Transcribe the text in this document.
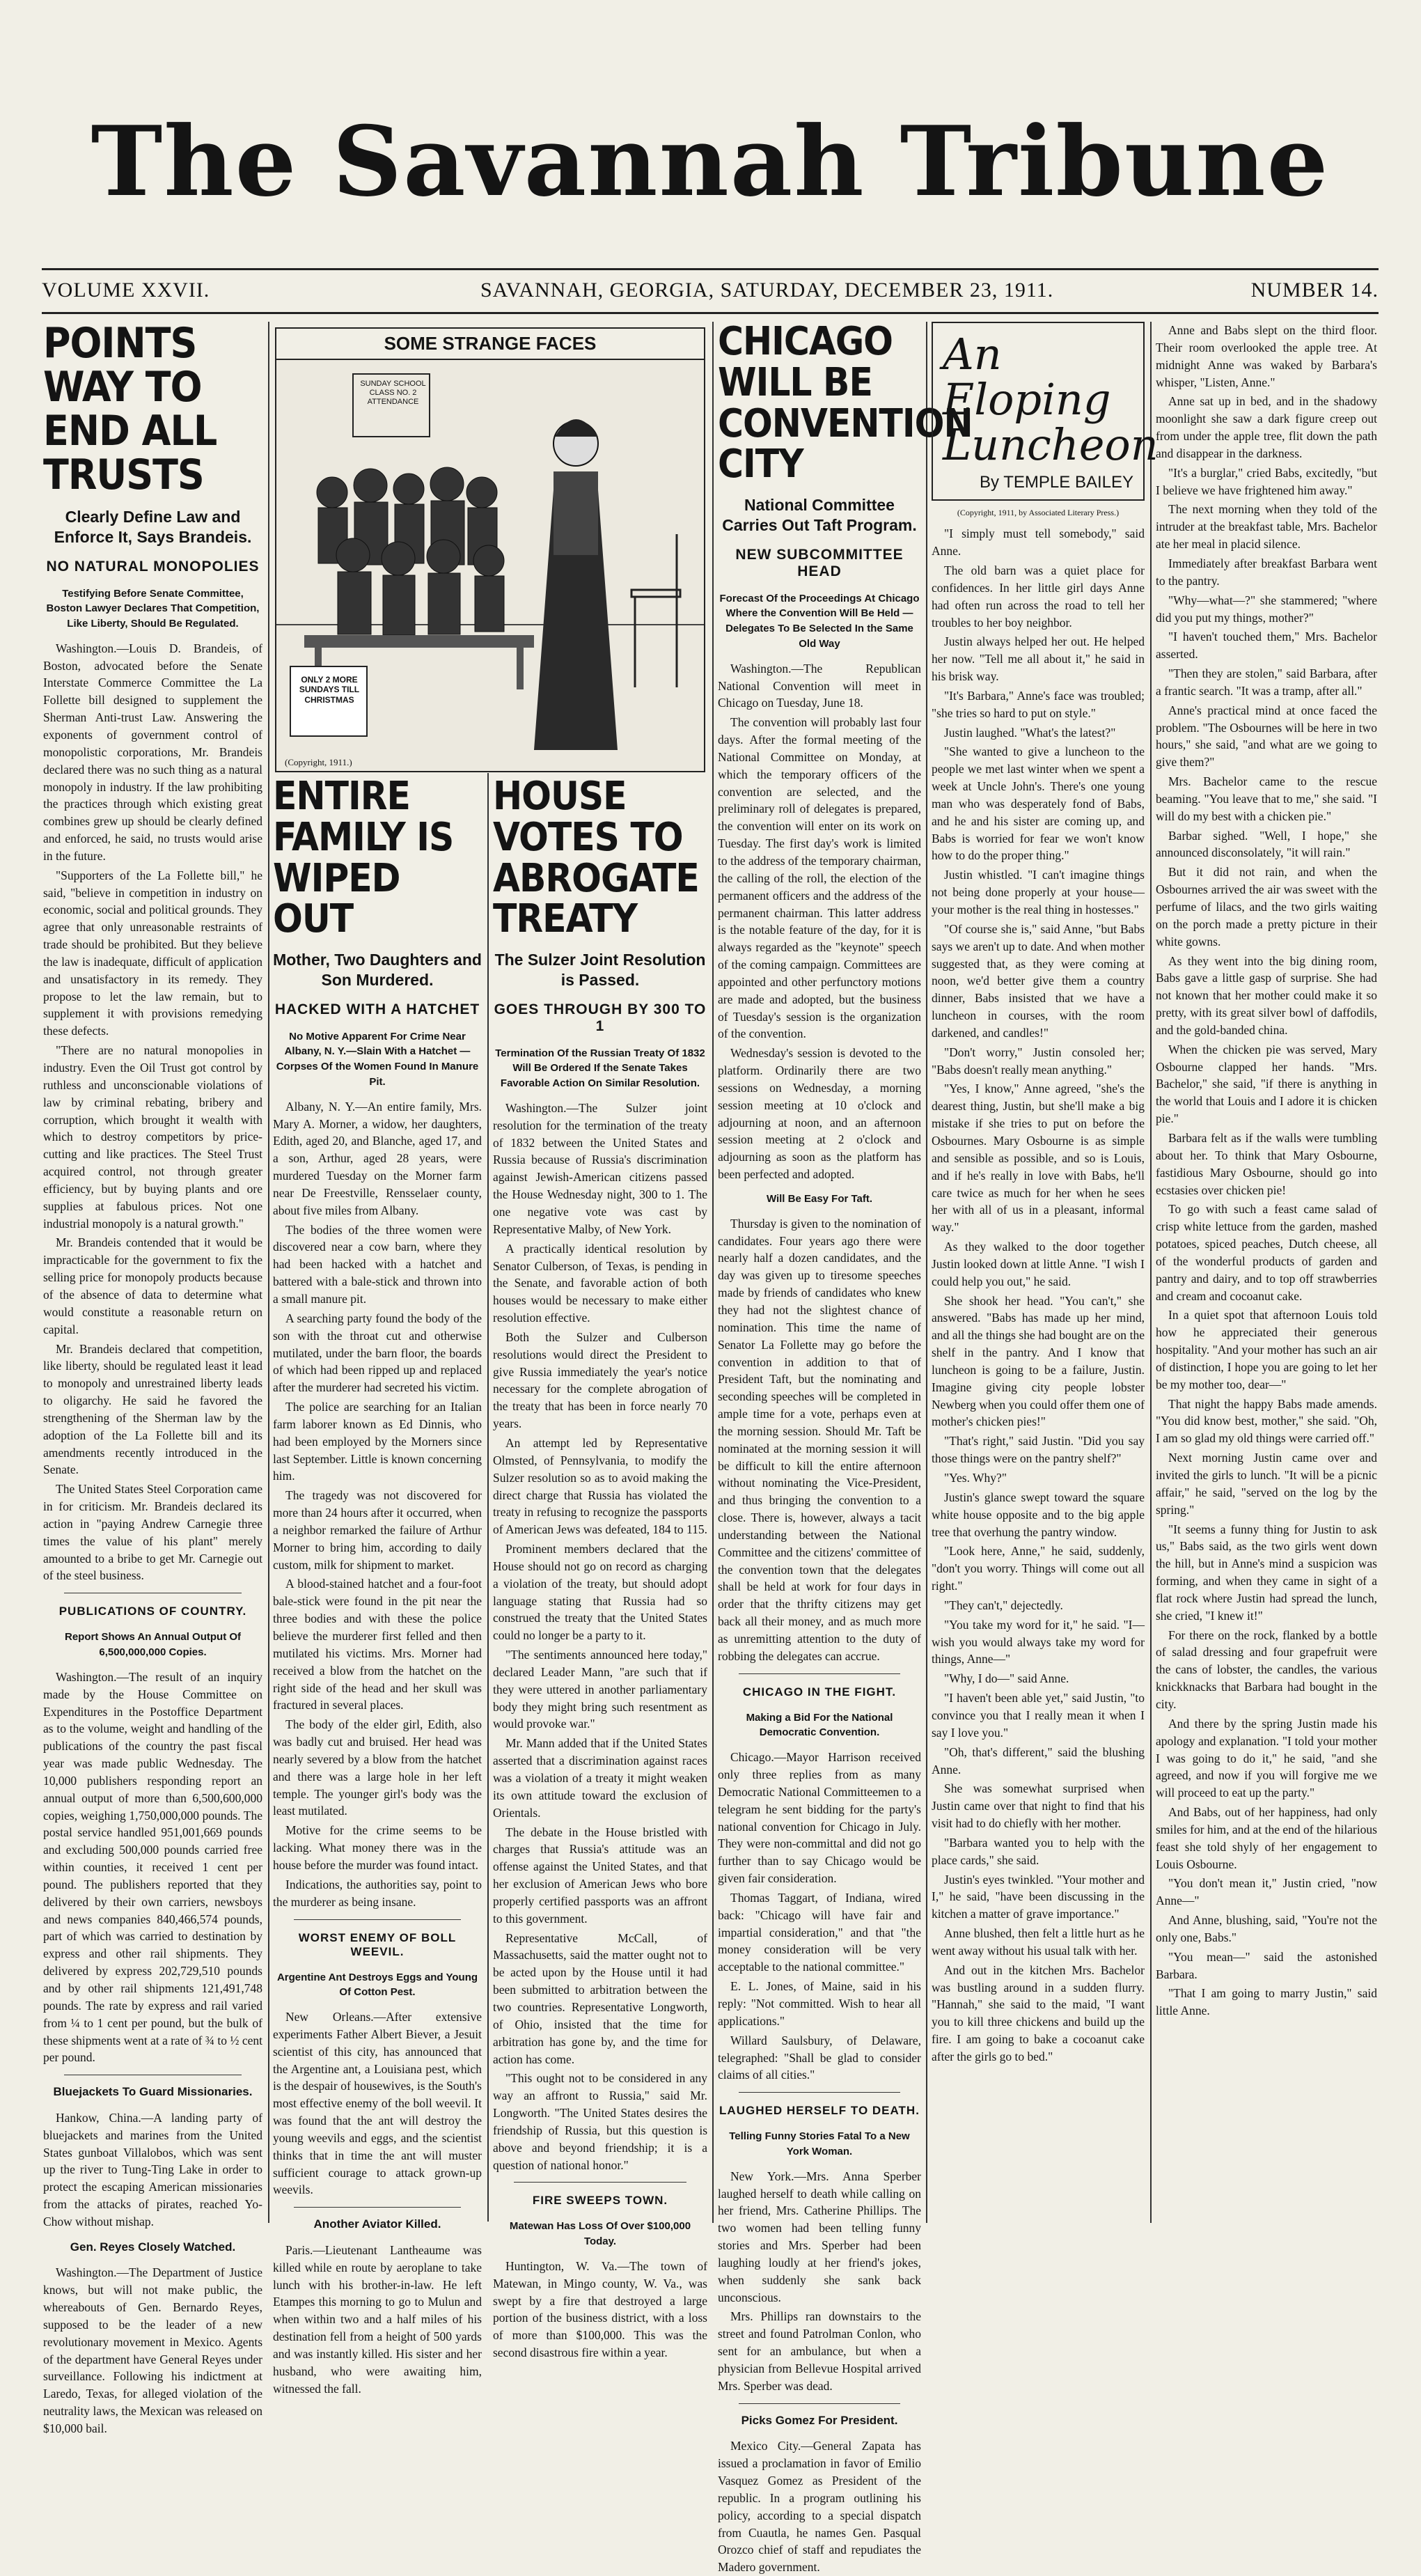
The Savannah Tribune
VOLUME XXVII.	SAVANNAH, GEORGIA, SATURDAY, DECEMBER 23, 1911.	NUMBER 14.
POINTS WAY TO END ALL TRUSTS
Clearly Define Law and Enforce It, Says Brandeis.
NO NATURAL MONOPOLIES
Testifying Before Senate Committee, Boston Lawyer Declares That Competition, Like Liberty, Should Be Regulated.

Washington.—Louis D. Brandeis, of Boston, advocated before the Senate Interstate Commerce Committee the La Follette bill designed to supplement the Sherman Anti-trust Law. Answering the exponents of government control of monopolistic corporations, Mr. Brandeis declared there was no such thing as a natural monopoly in industry. If the law prohibiting the practices through which existing great combines grew up should be clearly defined and enforced, he said, no trusts would arise in the future.

"Supporters of the La Follette bill," he said, "believe in competition in industry on economic, social and political grounds. They agree that only unreasonable restraints of trade should be prohibited. But they believe the law is inadequate, difficult of application and unsatisfactory in its remedy. They propose to let the law remain, but to supplement it with provisions remedying these defects.

"There are no natural monopolies in industry. Even the Oil Trust got control by ruthless and unconscionable violations of law by criminal rebating, bribery and corruption, which brought it wealth with which to destroy competitors by price-cutting and like practices. The Steel Trust acquired control, not through greater efficiency, but by buying plants and ore supplies at fabulous prices. Not one industrial monopoly is a natural growth."

Mr. Brandeis contended that it would be impracticable for the government to fix the selling price for monopoly products because of the absence of data to determine what would constitute a reasonable return on capital.

Mr. Brandeis declared that competition, like liberty, should be regulated least it lead to monopoly and unrestrained liberty leads to oligarchy. He said he favored the strengthening of the Sherman law by the adoption of the La Follette bill and its amendments recently introduced in the Senate.

The United States Steel Corporation came in for criticism. Mr. Brandeis declared its action in "paying Andrew Carnegie three times the value of his plant" merely amounted to a bribe to get Mr. Carnegie out of the steel business.

PUBLICATIONS OF COUNTRY.
Report Shows An Annual Output Of 6,500,000,000 Copies.

Washington.—The result of an inquiry made by the House Committee on Expenditures in the Postoffice Department as to the volume, weight and handling of the publications of the country the past fiscal year was made public Wednesday. The 10,000 publishers responding report an annual output of more than 6,500,600,000 copies, weighing 1,750,000,000 pounds. The postal service handled 951,001,669 pounds and excluding 500,000 pounds carried free within counties, it received 1 cent per pound. The publishers reported that they delivered by their own carriers, newsboys and news companies 840,466,574 pounds, part of which was carried to destination by express and other rail shipments. They delivered by express 202,729,510 pounds and by other rail shipments 121,491,748 pounds. The rate by express and rail varied from ¼ to 1 cent per pound, but the bulk of these shipments went at a rate of ¾ to ½ cent per pound.

Bluejackets To Guard Missionaries.

Hankow, China.—A landing party of bluejackets and marines from the United States gunboat Villalobos, which was sent up the river to Tung-Ting Lake in order to protect the escaping American missionaries from the attacks of pirates, reached Yo-Chow without mishap.

Gen. Reyes Closely Watched.

Washington.—The Department of Justice knows, but will not make public, the whereabouts of Gen. Bernardo Reyes, supposed to be the leader of a new revolutionary movement in Mexico. Agents of the department have General Reyes under surveillance. Following his indictment at Laredo, Texas, for alleged violation of the neutrality laws, the Mexican was released on $10,000 bail.

SOME STRANGE FACES
SUNDAY SCHOOL CLASS NO. 2 ATTENDANCE
ONLY 2 MORE SUNDAYS TILL CHRISTMAS
(Copyright, 1911.)
ENTIRE FAMILY IS WIPED OUT
Mother, Two Daughters and Son Murdered.
HACKED WITH A HATCHET
No Motive Apparent For Crime Near Albany, N. Y.—Slain With a Hatchet — Corpses Of the Women Found In Manure Pit.

Albany, N. Y.—An entire family, Mrs. Mary A. Morner, a widow, her daughters, Edith, aged 20, and Blanche, aged 17, and a son, Arthur, aged 28 years, were murdered Tuesday on the Morner farm near De Freestville, Rensselaer county, about five miles from Albany.

The bodies of the three women were discovered near a cow barn, where they had been hacked with a hatchet and battered with a bale-stick and thrown into a small manure pit.

A searching party found the body of the son with the throat cut and otherwise mutilated, under the barn floor, the boards of which had been ripped up and replaced after the murderer had secreted his victim.

The police are searching for an Italian farm laborer known as Ed Dinnis, who had been employed by the Morners since last September. Little is known concerning him.

The tragedy was not discovered for more than 24 hours after it occurred, when a neighbor remarked the failure of Arthur Morner to bring him, according to daily custom, milk for shipment to market.

A blood-stained hatchet and a four-foot bale-stick were found in the pit near the three bodies and with these the police believe the murderer first felled and then mutilated his victims. Mrs. Morner had received a blow from the hatchet on the right side of the head and her skull was fractured in several places.

The body of the elder girl, Edith, also was badly cut and bruised. Her head was nearly severed by a blow from the hatchet and there was a large hole in her left temple. The younger girl's body was the least mutilated.

Motive for the crime seems to be lacking. What money there was in the house before the murder was found intact.

Indications, the authorities say, point to the murderer as being insane.

WORST ENEMY OF BOLL WEEVIL.
Argentine Ant Destroys Eggs and Young Of Cotton Pest.

New Orleans.—After extensive experiments Father Albert Biever, a Jesuit scientist of this city, has announced that the Argentine ant, a Louisiana pest, which is the despair of housewives, is the South's most effective enemy of the boll weevil. It was found that the ant will destroy the young weevils and eggs, and the scientist thinks that in time the ant will muster sufficient courage to attack grown-up weevils.

Another Aviator Killed.

Paris.—Lieutenant Lantheaume was killed while en route by aeroplane to take lunch with his brother-in-law. He left Etampes this morning to go to Mulun and when within two and a half miles of his destination fell from a height of 500 yards and was instantly killed. His sister and her husband, who were awaiting him, witnessed the fall.

HOUSE VOTES TO ABROGATE TREATY
The Sulzer Joint Resolution is Passed.
GOES THROUGH BY 300 TO 1
Termination Of the Russian Treaty Of 1832 Will Be Ordered If the Senate Takes Favorable Action On Similar Resolution.

Washington.—The Sulzer joint resolution for the termination of the treaty of 1832 between the United States and Russia because of Russia's discrimination against Jewish-American citizens passed the House Wednesday night, 300 to 1. The one negative vote was cast by Representative Malby, of New York.

A practically identical resolution by Senator Culberson, of Texas, is pending in the Senate, and favorable action of both houses would be necessary to make either resolution effective.

Both the Sulzer and Culberson resolutions would direct the President to give Russia immediately the year's notice necessary for the complete abrogation of the treaty that has been in force nearly 70 years.

An attempt led by Representative Olmsted, of Pennsylvania, to modify the Sulzer resolution so as to avoid making the direct charge that Russia has violated the treaty in refusing to recognize the passports of American Jews was defeated, 184 to 115.

Prominent members declared that the House should not go on record as charging a violation of the treaty, but should adopt language stating that Russia had so construed the treaty that the United States could no longer be a party to it.

"The sentiments announced here today," declared Leader Mann, "are such that if they were uttered in another parliamentary body they might bring such resentment as would provoke war."

Mr. Mann added that if the United States asserted that a discrimination against races was a violation of a treaty it might weaken its own attitude toward the exclusion of Orientals.

The debate in the House bristled with charges that Russia's attitude was an offense against the United States, and that her exclusion of American Jews who bore properly certified passports was an affront to this government.

Representative McCall, of Massachusetts, said the matter ought not to be acted upon by the House until it had been submitted to arbitration between the two countries. Representative Longworth, of Ohio, insisted that the time for arbitration has gone by, and the time for action has come.

"This ought not to be considered in any way an affront to Russia," said Mr. Longworth. "The United States desires the friendship of Russia, but this question is above and beyond friendship; it is a question of national honor."

FIRE SWEEPS TOWN.
Matewan Has Loss Of Over $100,000 Today.

Huntington, W. Va.—The town of Matewan, in Mingo county, W. Va., was swept by a fire that destroyed a large portion of the business district, with a loss of more than $100,000. This was the second disastrous fire within a year.

CHICAGO WILL BE CONVENTION CITY
National Committee Carries Out Taft Program.
NEW SUBCOMMITTEE HEAD
Forecast Of the Proceedings At Chicago Where the Convention Will Be Held — Delegates To Be Selected In the Same Old Way

Washington.—The Republican National Convention will meet in Chicago on Tuesday, June 18.

The convention will probably last four days. After the formal meeting of the National Committee on Monday, at which the temporary officers of the convention are selected, and the preliminary roll of delegates is prepared, the convention will enter on its work on Tuesday. The first day's work is limited to the address of the temporary chairman, the calling of the roll, the election of the permanent officers and the address of the permanent chairman. This latter address is the notable feature of the day, for it is always regarded as the "keynote" speech of the coming campaign. Committees are appointed and other perfunctory motions are made and adopted, but the business of Tuesday's session is the organization of the convention.

Wednesday's session is devoted to the platform. Ordinarily there are two sessions on Wednesday, a morning session meeting at 10 o'clock and adjourning at noon, and an afternoon session meeting at 2 o'clock and adjourning as soon as the platform has been perfected and adopted.

Will Be Easy For Taft.

Thursday is given to the nomination of candidates. Four years ago there were nearly half a dozen candidates, and the day was given up to tiresome speeches made by friends of candidates who knew they had not the slightest chance of nomination. This time the name of Senator La Follette may go before the convention in addition to that of President Taft, but the nominating and seconding speeches will be completed in ample time for a vote, perhaps even at the morning session. Should Mr. Taft be nominated at the morning session it will be difficult to kill the entire afternoon without nominating the Vice-President, and thus bringing the convention to a close. There is, however, always a tacit understanding between the National Committee and the citizens' committee of the convention town that the delegates shall be held at work for four days in order that the thrifty citizens may get back all their money, and as much more as unremitting attention to the duty of robbing the delegates can accrue.

CHICAGO IN THE FIGHT.
Making a Bid For the National Democratic Convention.

Chicago.—Mayor Harrison received only three replies from as many Democratic National Committeemen to a telegram he sent bidding for the party's national convention for Chicago in July. They were non-committal and did not go further than to say Chicago would be given fair consideration.

Thomas Taggart, of Indiana, wired back: "Chicago will have fair and impartial consideration," and that "the money consideration will be very acceptable to the national committee."

E. L. Jones, of Maine, said in his reply: "Not committed. Wish to hear all applications."

Willard Saulsbury, of Delaware, telegraphed: "Shall be glad to consider claims of all cities."

LAUGHED HERSELF TO DEATH.
Telling Funny Stories Fatal To a New York Woman.

New York.—Mrs. Anna Sperber laughed herself to death while calling on her friend, Mrs. Catherine Phillips. The two women had been telling funny stories and Mrs. Sperber had been laughing loudly at her friend's jokes, when suddenly she sank back unconscious.

Mrs. Phillips ran downstairs to the street and found Patrolman Conlon, who sent for an ambulance, but when a physician from Bellevue Hospital arrived Mrs. Sperber was dead.

Picks Gomez For President.

Mexico City.—General Zapata has issued a proclamation in favor of Emilio Vasquez Gomez as President of the republic. In a program outlining his policy, according to a special dispatch from Cuautla, he names Gen. Pasqual Orozco chief of staff and repudiates the Madero government.

An
Eloping
Luncheon
By TEMPLE BAILEY
(Copyright, 1911, by Associated Literary Press.)

"I simply must tell somebody," said Anne.

The old barn was a quiet place for confidences. In her little girl days Anne had often run across the road to tell her troubles to her boy neighbor.

Justin always helped her out. He helped her now. "Tell me all about it," he said in his brisk way.

"It's Barbara," Anne's face was troubled; "she tries so hard to put on style."

Justin laughed. "What's the latest?"

"She wanted to give a luncheon to the people we met last winter when we spent a week at Uncle John's. There's one young man who was desperately fond of Babs, and he and his sister are coming up, and Babs is worried for fear we won't know how to do the proper thing."

Justin whistled. "I can't imagine things not being done properly at your house—your mother is the real thing in hostesses."

"Of course she is," said Anne, "but Babs says we aren't up to date. And when mother suggested that, as they were coming at noon, we'd better give them a country dinner, Babs insisted that we have a luncheon in courses, with the room darkened, and candles!"

"Don't worry," Justin consoled her; "Babs doesn't really mean anything."

"Yes, I know," Anne agreed, "she's the dearest thing, Justin, but she'll make a big mistake if she tries to put on before the Osbournes. Mary Osbourne is as simple and sensible as possible, and so is Louis, and if he's really in love with Babs, he'll care twice as much for her when he sees her with all of us in a pleasant, informal way."

As they walked to the door together Justin looked down at little Anne. "I wish I could help you out," he said.

She shook her head. "You can't," she answered. "Babs has made up her mind, and all the things she had bought are on the shelf in the pantry. And I know that luncheon is going to be a failure, Justin. Imagine giving city people lobster Newberg when you could offer them one of mother's chicken pies!"

"That's right," said Justin. "Did you say those things were on the pantry shelf?"

"Yes. Why?"

Justin's glance swept toward the square white house opposite and to the big apple tree that overhung the pantry window.

"Look here, Anne," he said, suddenly, "don't you worry. Things will come out all right."

"They can't," dejectedly.

"You take my word for it," he said. "I—wish you would always take my word for things, Anne—"

"Why, I do—" said Anne.

"I haven't been able yet," said Justin, "to convince you that I really mean it when I say I love you."

"Oh, that's different," said the blushing Anne.

She was somewhat surprised when Justin came over that night to find that his visit had to do chiefly with her mother.

"Barbara wanted you to help with the place cards," she said.

Justin's eyes twinkled. "Your mother and I," he said, "have been discussing in the kitchen a matter of grave importance."

Anne blushed, then felt a little hurt as he went away without his usual talk with her.

And out in the kitchen Mrs. Bachelor was bustling around in a sudden flurry. "Hannah," she said to the maid, "I want you to kill three chickens and build up the fire. I am going to bake a cocoanut cake after the girls go to bed."

Anne and Babs slept on the third floor. Their room overlooked the apple tree. At midnight Anne was waked by Barbara's whisper, "Listen, Anne."

Anne sat up in bed, and in the shadowy moonlight she saw a dark figure creep out from under the apple tree, flit down the path and disappear in the darkness.

"It's a burglar," cried Babs, excitedly, "but I believe we have frightened him away."

The next morning when they told of the intruder at the breakfast table, Mrs. Bachelor ate her meal in placid silence.

Immediately after breakfast Barbara went to the pantry.

"Why—what—?" she stammered; "where did you put my things, mother?"

"I haven't touched them," Mrs. Bachelor asserted.

"Then they are stolen," said Barbara, after a frantic search. "It was a tramp, after all."

Anne's practical mind at once faced the problem. "The Osbournes will be here in two hours," she said, "and what are we going to give them?"

Mrs. Bachelor came to the rescue beaming. "You leave that to me," she said. "I will do my best with a chicken pie."

Barbar sighed. "Well, I hope," she announced disconsolately, "it will rain."

But it did not rain, and when the Osbournes arrived the air was sweet with the perfume of lilacs, and the two girls waiting on the porch made a pretty picture in their white gowns.

As they went into the big dining room, Babs gave a little gasp of surprise. She had not known that her mother could make it so pretty, with its great silver bowl of daffodils, and the gold-banded china.

When the chicken pie was served, Mary Osbourne clapped her hands. "Mrs. Bachelor," she said, "if there is anything in the world that Louis and I adore it is chicken pie."

Barbara felt as if the walls were tumbling about her. To think that Mary Osbourne, fastidious Mary Osbourne, should go into ecstasies over chicken pie!

To go with such a feast came salad of crisp white lettuce from the garden, mashed potatoes, spiced peaches, Dutch cheese, all of the wonderful products of garden and pantry and dairy, and to top off strawberries and cream and cocoanut cake.

In a quiet spot that afternoon Louis told how he appreciated their generous hospitality. "And your mother has such an air of distinction, I hope you are going to let her be my mother too, dear—"

That night the happy Babs made amends. "You did know best, mother," she said. "Oh, I am so glad my old things were carried off."

Next morning Justin came over and invited the girls to lunch. "It will be a picnic affair," he said, "served on the log by the spring."

"It seems a funny thing for Justin to ask us," Babs said, as the two girls went down the hill, but in Anne's mind a suspicion was forming, and when they came in sight of a flat rock where Justin had spread the lunch, she cried, "I knew it!"

For there on the rock, flanked by a bottle of salad dressing and four grapefruit were the cans of lobster, the candles, the various knickknacks that Barbara had bought in the city.

And there by the spring Justin made his apology and explanation. "I told your mother I was going to do it," he said, "and she agreed, and now if you will forgive me we will proceed to eat up the party."

And Babs, out of her happiness, had only smiles for him, and at the end of the hilarious feast she told shyly of her engagement to Louis Osbourne.

"You don't mean it," Justin cried, "now Anne—"

And Anne, blushing, said, "You're not the only one, Babs."

"You mean—" said the astonished Barbara.

"That I am going to marry Justin," said little Anne.
